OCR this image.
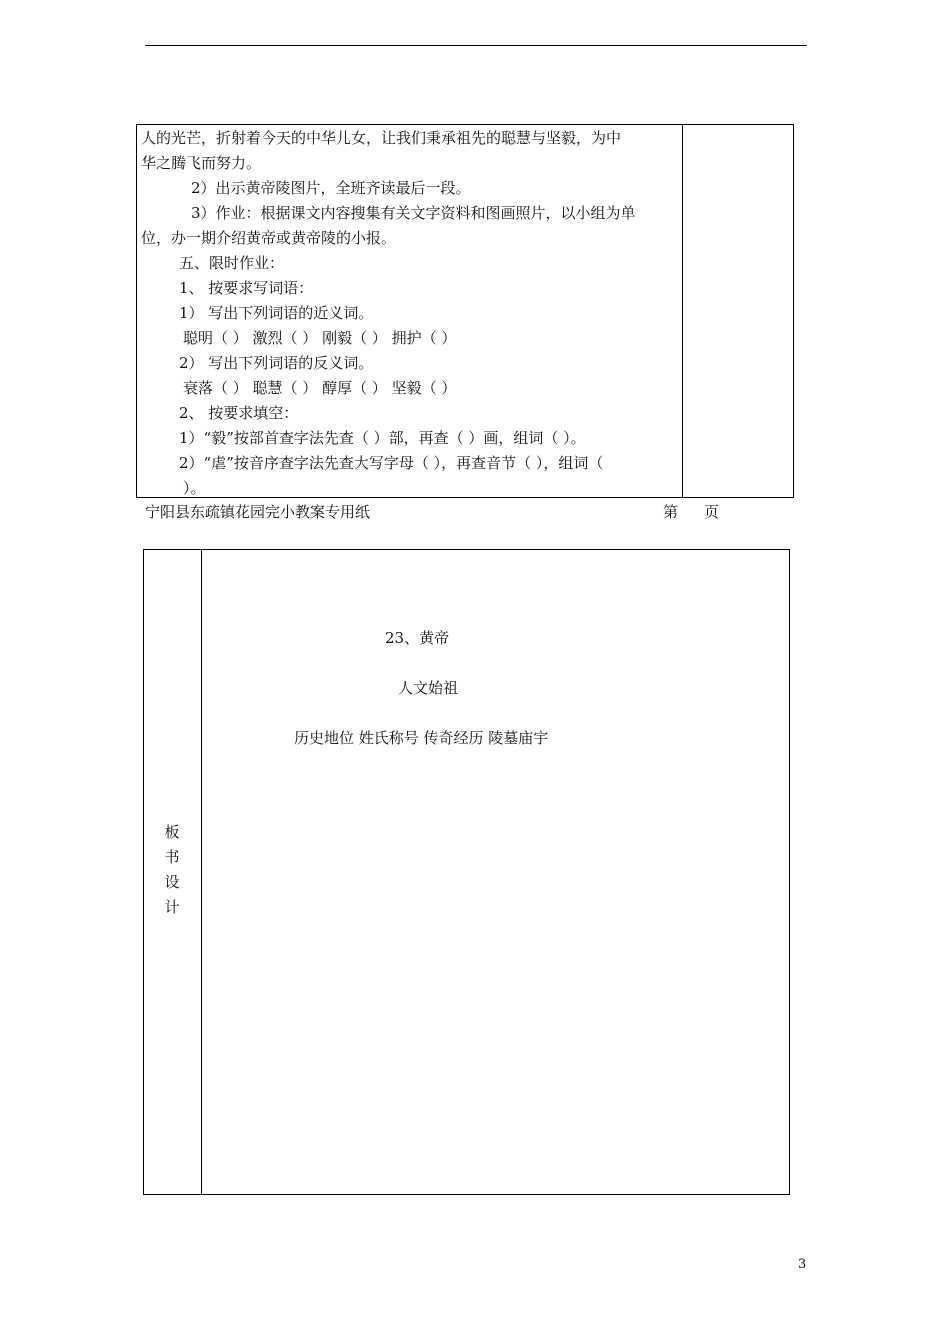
人的光芒，折射着今天的中华儿女，让我们秉承祖先的聪慧与坚毅，为中
华之腾飞而努力。
2）出示黄帝陵图片，全班齐读最后一段。
3）作业：根据课文内容搜集有关文字资料和图画照片，以小组为单
位，办一期介绍黄帝或黄帝陵的小报。
五、限时作业：
1、 按要求写词语：
1） 写出下列词语的近义词。
聪明（ ） 激烈（ ） 刚毅（ ） 拥护（ ）
2） 写出下列词语的反义词。
衰落（ ） 聪慧（ ） 醇厚（ ） 坚毅（ ）
2、 按要求填空：
1）“毅”按部首查字法先查（ ）部，再查（ ）画，组词（ ）。
2）“虐”按音序查字法先查大写字母（ ），再查音节（ ），组词（
）。
宁阳县东疏镇花园完小教案专用纸	第 页
板
书
设
计
23、黄帝
人文始祖
历史地位 姓氏称号 传奇经历 陵墓庙宇
3
